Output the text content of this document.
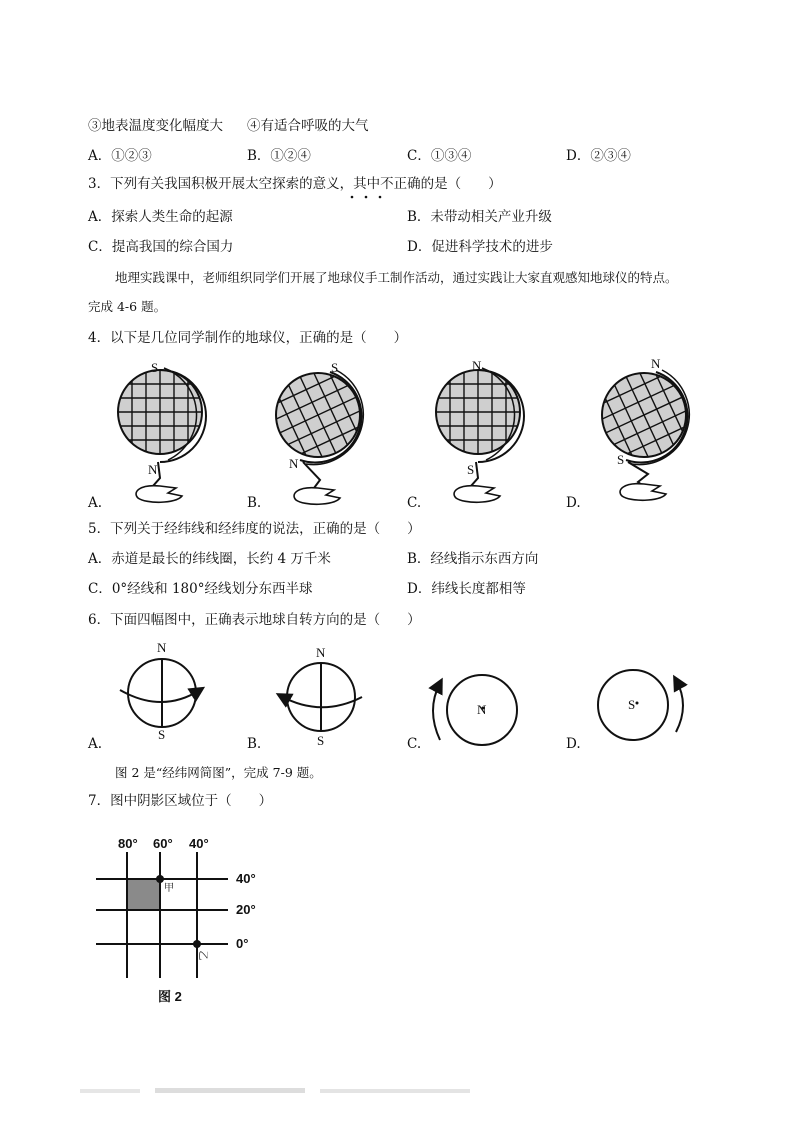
③地表温度变化幅度大 ④有适合呼吸的大气
A．①②③	B．①②④	C．①③④	D．②③④
3．下列有关我国积极开展太空探索的意义，其中不正确的是（　　）
A．探索人类生命的起源	B．未带动相关产业升级
C．提高我国的综合国力	D．促进科学技术的进步
地理实践课中，老师组织同学们开展了地球仪手工制作活动，通过实践让大家直观感知地球仪的特点。
完成 4-6 题。
4．以下是几位同学制作的地球仪，正确的是（　　）
S
N
S
N
N
S
N
S
A.	B.	C.	D.
5．下列关于经纬线和经纬度的说法，正确的是（　　）
A．赤道是最长的纬线圈，长约 4 万千米	B．经线指示东西方向
C．0°经线和 180°经线划分东西半球	D．纬线长度都相等
6．下面四幅图中，正确表示地球自转方向的是（　　）
N
S
N
S
N	S
A.	B.	C.	D.
图 2 是“经纬网简图”，完成 7-9 题。
7．图中阴影区域位于（　　）
80° 60° 40°
40°
20°
0°
甲
乙
图 2
